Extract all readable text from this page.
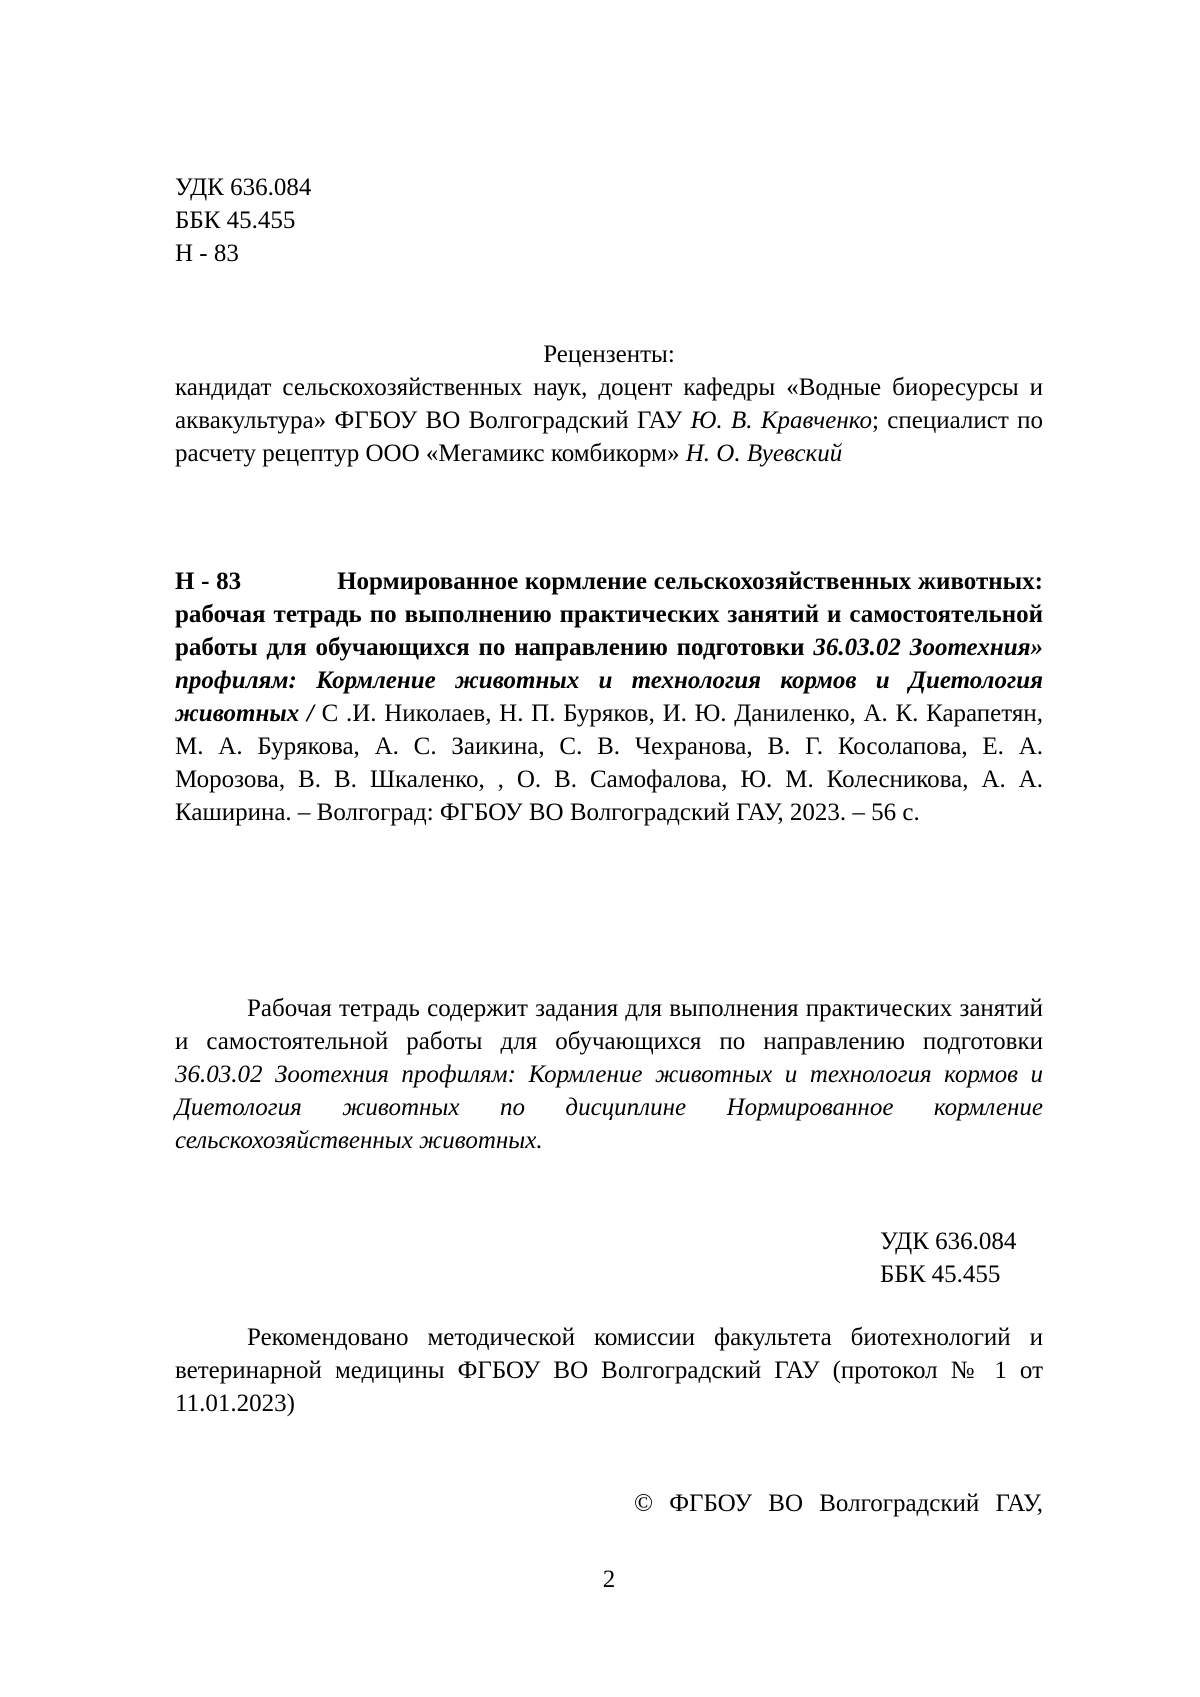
УДК 636.084
ББК 45.455
Н - 83
Рецензенты:
кандидат сельскохозяйственных наук, доцент кафедры «Водные биоресурсы и аквакультура» ФГБОУ ВО Волгоградский ГАУ Ю. В. Кравченко; специалист по расчету рецептур ООО «Мегамикс комбикорм» Н. О. Вуевский
Н - 83	Нормированное кормление сельскохозяйственных животных: рабочая тетрадь по выполнению практических занятий и самостоятельной работы для обучающихся по направлению подготовки 36.03.02 Зоотехния» профилям: Кормление животных и технология кормов и Диетология животных / С .И. Николаев, Н. П. Буряков, И. Ю. Даниленко, А. К. Карапетян, М. А. Бурякова, А. С. Заикина, С. В. Чехранова, В. Г. Косолапова, Е. А. Морозова, В. В. Шкаленко, , О. В. Самофалова, Ю. М. Колесникова, А. А. Каширина. – Волгоград: ФГБОУ ВО Волгоградский ГАУ, 2023. – 56 с.
Рабочая тетрадь содержит задания для выполнения практических занятий и самостоятельной работы для обучающихся по направлению подготовки 36.03.02 Зоотехния профилям: Кормление животных и технология кормов и Диетология животных по дисциплине Нормированное кормление сельскохозяйственных животных.
УДК 636.084
ББК 45.455
Рекомендовано методической комиссии факультета биотехнологий и ветеринарной медицины ФГБОУ ВО Волгоградский ГАУ (протокол № 1 от 11.01.2023)
© ФГБОУ ВО Волгоградский ГАУ,
2
